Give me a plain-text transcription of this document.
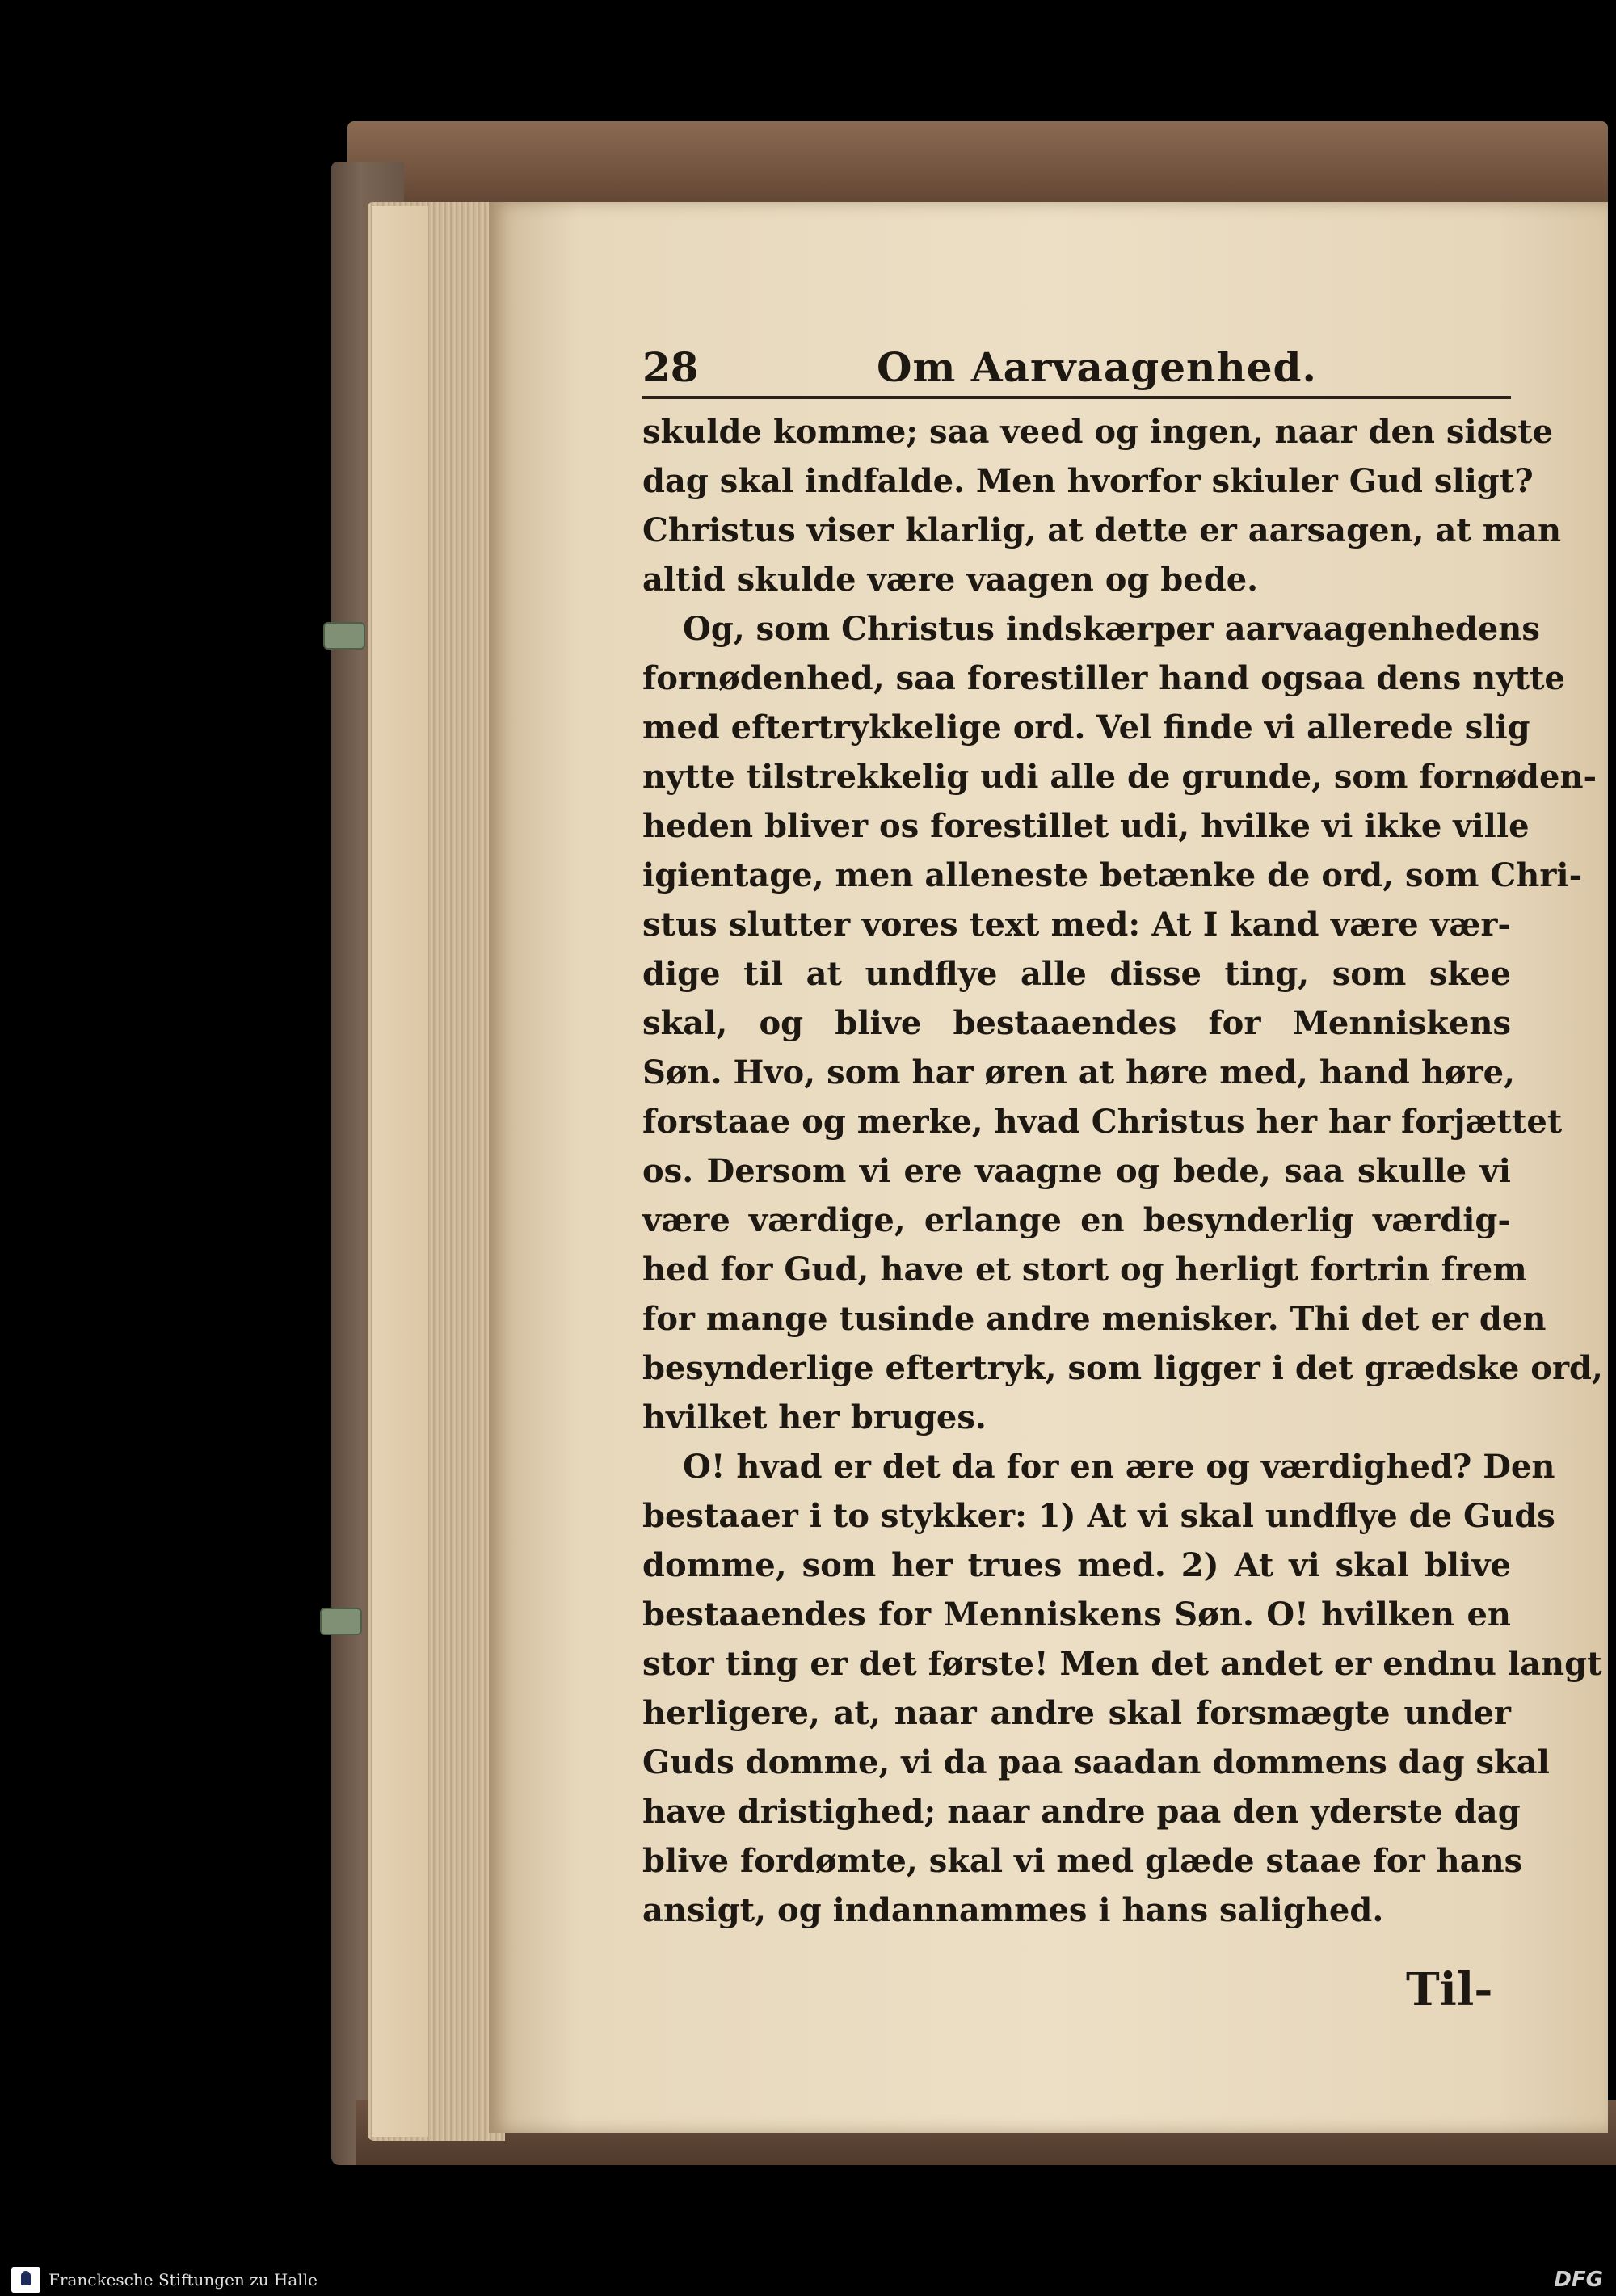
28	Om Aarvaagenhed.
skulde komme; saa veed og ingen, naar den sidste
dag skal indfalde. Men hvorfor skiuler Gud sligt?
Christus viser klarlig, at dette er aarsagen, at man
altid skulde være vaagen og bede.
Og, som Christus indskærper aarvaagenhedens
fornødenhed, saa forestiller hand ogsaa dens nytte
med eftertrykkelige ord. Vel finde vi allerede slig
nytte tilstrekkelig udi alle de grunde, som fornøden-
heden bliver os forestillet udi, hvilke vi ikke ville
igientage, men alleneste betænke de ord, som Chri-
stus slutter vores text med: At I kand være vær-
dige til at undflye alle disse ting, som skee
skal, og blive bestaaendes for Menniskens
Søn. Hvo, som har øren at høre med, hand høre,
forstaae og merke, hvad Christus her har forjættet
os. Dersom vi ere vaagne og bede, saa skulle vi
være værdige, erlange en besynderlig værdig-
hed for Gud, have et stort og herligt fortrin frem
for mange tusinde andre menisker. Thi det er den
besynderlige eftertryk, som ligger i det grædske ord,
hvilket her bruges.
O! hvad er det da for en ære og værdighed? Den
bestaaer i to stykker: 1) At vi skal undflye de Guds
domme, som her trues med. 2) At vi skal blive
bestaaendes for Menniskens Søn. O! hvilken en
stor ting er det første! Men det andet er endnu langt
herligere, at, naar andre skal forsmægte under
Guds domme, vi da paa saadan dommens dag skal
have dristighed; naar andre paa den yderste dag
blive fordømte, skal vi med glæde staae for hans
ansigt, og indannammes i hans salighed.
Til-
Franckesche Stiftungen zu Halle	DFG
